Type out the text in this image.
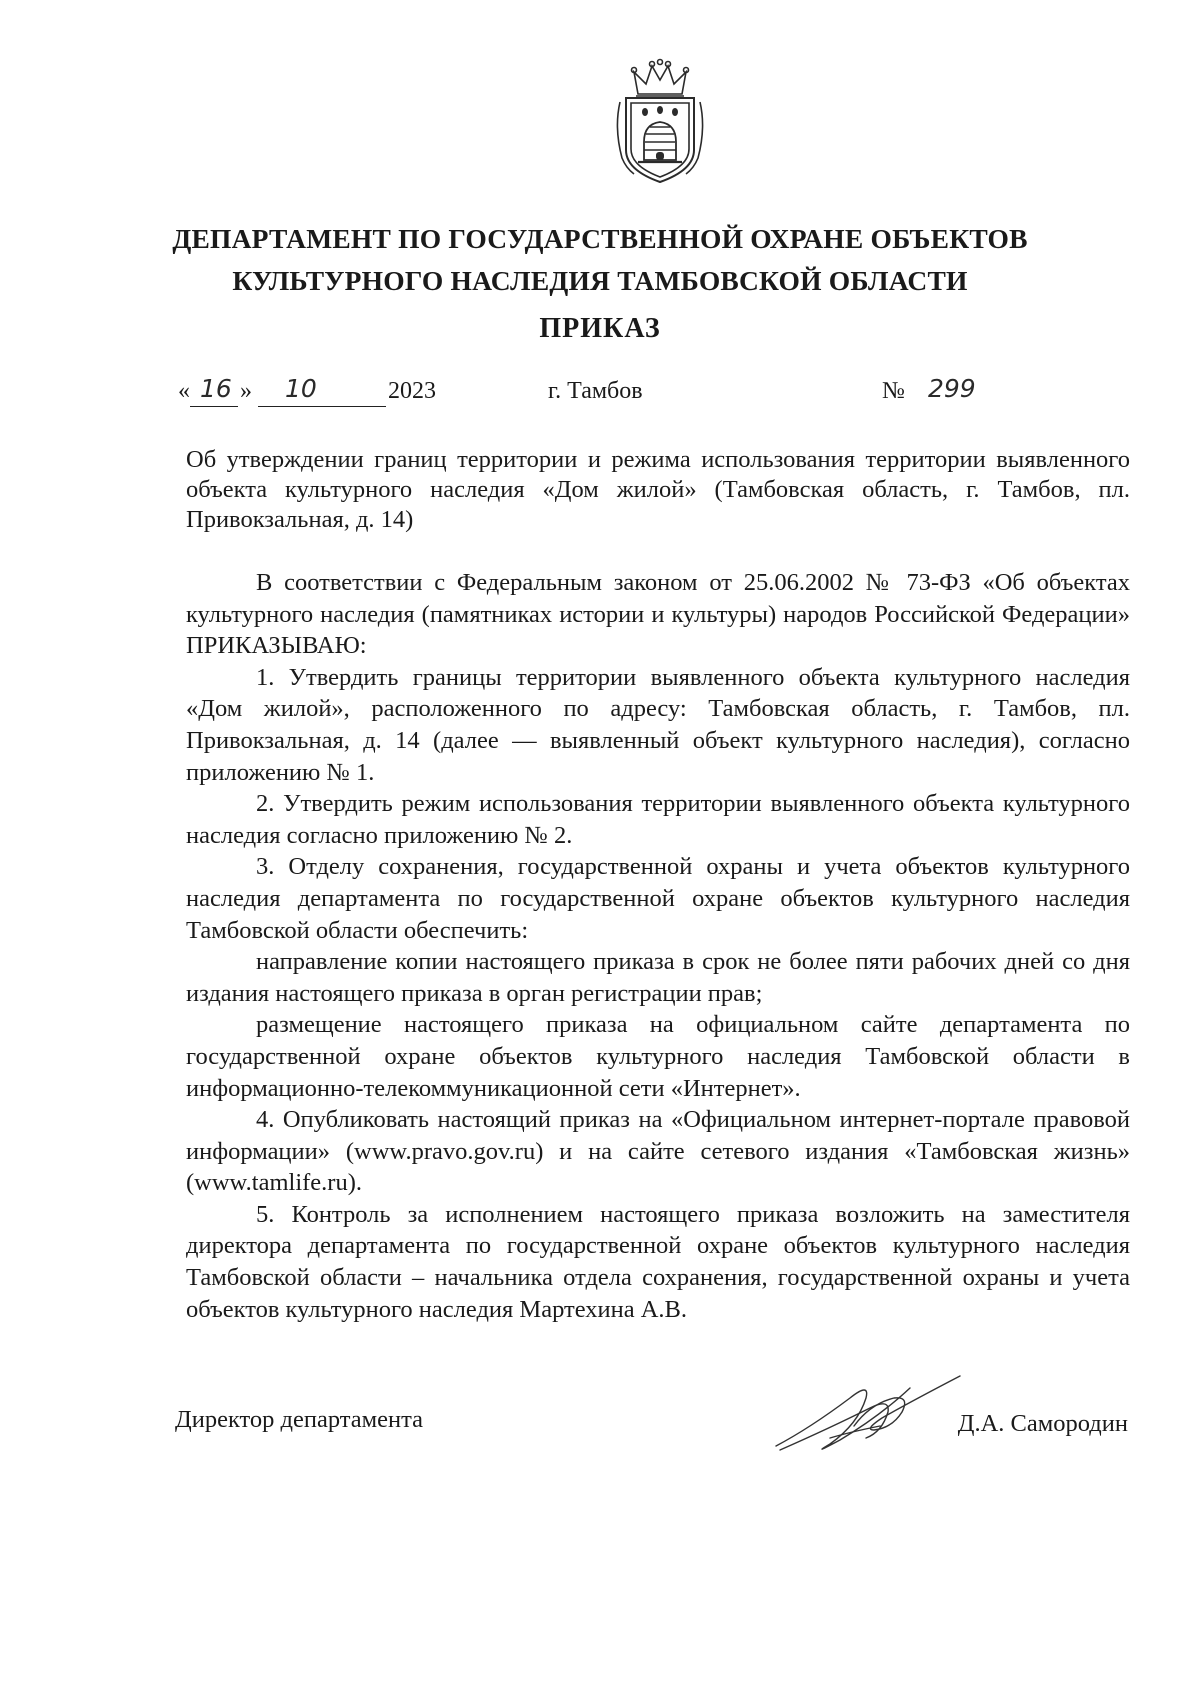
ДЕПАРТАМЕНТ ПО ГОСУДАРСТВЕННОЙ ОХРАНЕ ОБЪЕКТОВ
КУЛЬТУРНОГО НАСЛЕДИЯ ТАМБОВСКОЙ ОБЛАСТИ
ПРИКАЗ
« 16 » 10	2023	г. Тамбов	№ 299
Об утверждении границ территории и режима использования территории выявленного объекта культурного наследия «Дом жилой» (Тамбовская область, г. Тамбов, пл. Привокзальная, д. 14)

В соответствии с Федеральным законом от 25.06.2002 № 73-ФЗ «Об объектах культурного наследия (памятниках истории и культуры) народов Российской Федерации» ПРИКАЗЫВАЮ:

1. Утвердить границы территории выявленного объекта культурного наследия «Дом жилой», расположенного по адресу: Тамбовская область, г. Тамбов, пл. Привокзальная, д. 14 (далее — выявленный объект культурного наследия), согласно приложению № 1.

2. Утвердить режим использования территории выявленного объекта культурного наследия согласно приложению № 2.

3. Отделу сохранения, государственной охраны и учета объектов культурного наследия департамента по государственной охране объектов культурного наследия Тамбовской области обеспечить:

направление копии настоящего приказа в срок не более пяти рабочих дней со дня издания настоящего приказа в орган регистрации прав;

размещение настоящего приказа на официальном сайте департамента по государственной охране объектов культурного наследия Тамбовской области в информационно-телекоммуникационной сети «Интернет».

4. Опубликовать настоящий приказ на «Официальном интернет-портале правовой информации» (www.pravo.gov.ru) и на сайте сетевого издания «Тамбовская жизнь» (www.tamlife.ru).

5. Контроль за исполнением настоящего приказа возложить на заместителя директора департамента по государственной охране объектов культурного наследия Тамбовской области – начальника отдела сохранения, государственной охраны и учета объектов культурного наследия Мартехина А.В.

Директор департамента	Д.А. Самородин
